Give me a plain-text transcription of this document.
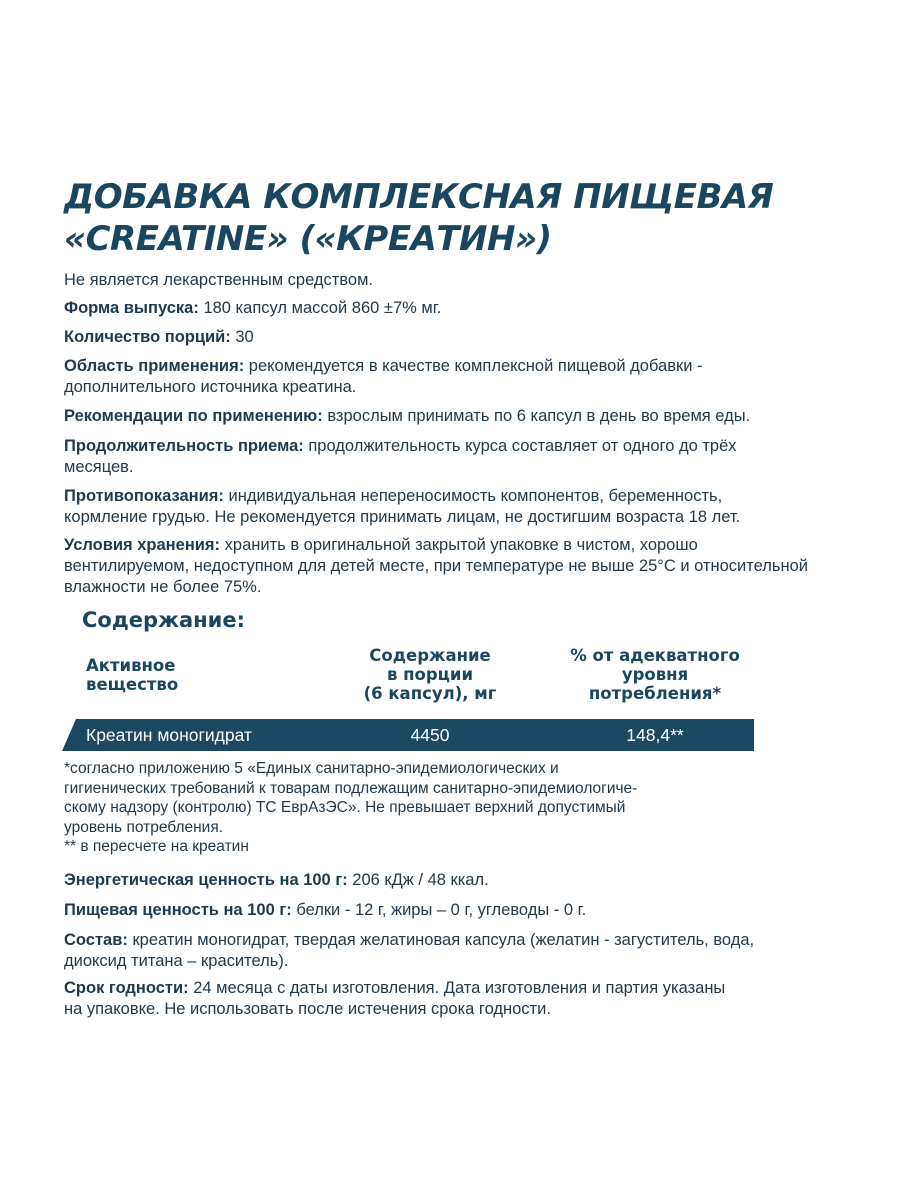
ДОБАВКА КОМПЛЕКСНАЯ ПИЩЕВАЯ
«CREATINE» («КРЕАТИН»)

Не является лекарственным средством.

Форма выпуска: 180 капсул массой 860 ±7% мг.

Количество порций: 30

Область применения: рекомендуется в качестве комплексной пищевой добавки -
дополнительного источника креатина.

Рекомендации по применению: взрослым принимать по 6 капсул в день во время еды.

Продолжительность приема: продолжительность курса составляет от одного до трёх
месяцев.

Противопоказания: индивидуальная непереносимость компонентов, беременность,
кормление грудью. Не рекомендуется принимать лицам, не достигшим возраста 18 лет.

Условия хранения: хранить в оригинальной закрытой упаковке в чистом, хорошо
вентилируемом, недоступном для детей месте, при температуре не выше 25°С и относительной
влажности не более 75%.

Содержание:
Активное
вещество
Содержание
в порции
(6 капсул), мг
% от адекватного
уровня
потребления*
Креатин моногидрат	4450	148,4**
*согласно приложению 5 «Единых санитарно-эпидемиологических и
гигиенических требований к товарам подлежащим санитарно-эпидемиологиче-
скому надзору (контролю) ТС ЕврАзЭС». Не превышает верхний допустимый
уровень потребления.
** в пересчете на креатин

Энергетическая ценность на 100 г: 206 кДж / 48 ккал.

Пищевая ценность на 100 г: белки - 12 г, жиры – 0 г, углеводы - 0 г.

Состав: креатин моногидрат, твердая желатиновая капсула (желатин - загуститель, вода,
диоксид титана – краситель).

Срок годности: 24 месяца с даты изготовления. Дата изготовления и партия указаны
на упаковке. Не использовать после истечения срока годности.
